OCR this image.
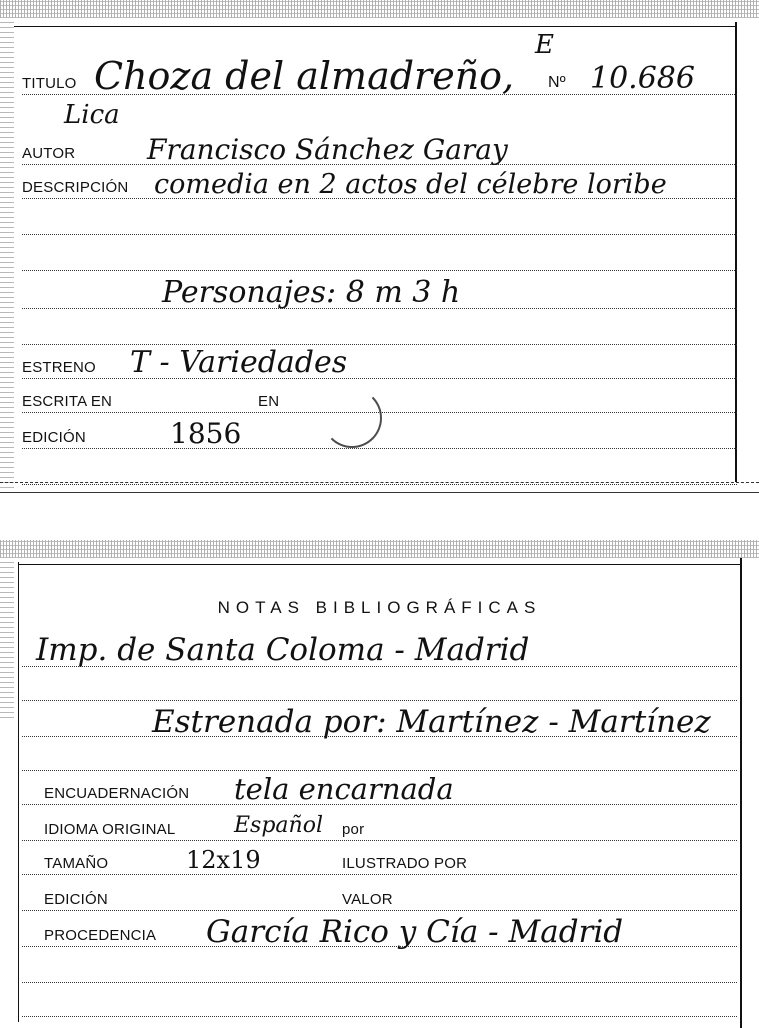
E
TITULO Choza del almadreño, Nº 10.686
Lica
AUTOR	Francisco Sánchez Garay
DESCRIPCIÓN comedia en 2 actos del célebre loribe
Personajes: 8 m 3 h
ESTRENO T - Variedades
ESCRITA EN	EN
EDICIÓN	1856
NOTAS BIBLIOGRÁFICAS
Imp. de Santa Coloma - Madrid
Estrenada por: Martínez - Martínez
ENCUADERNACIÓN tela encarnada
IDIOMA ORIGINAL	Español por
TAMAÑO	12x19	ILUSTRADO POR
EDICIÓN	VALOR
PROCEDENCIA García Rico y Cía - Madrid
